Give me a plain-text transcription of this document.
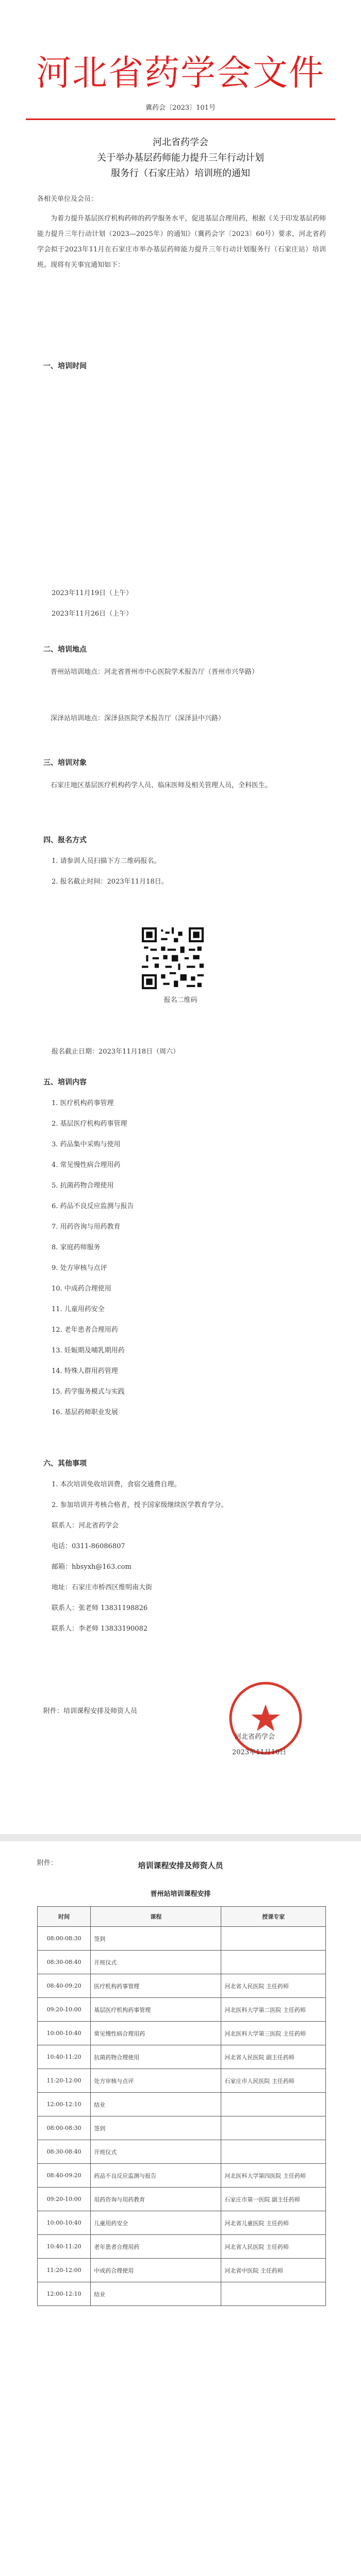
河北省药学会文件
冀药会〔2023〕101号
河北省药学会
关于举办基层药师能力提升三年行动计划
服务行（石家庄站）培训班的通知
各相关单位及会员：
为着力提升基层医疗机构药师的药学服务水平，促进基层合理用药，根据《关于印发基层药师能力提升三年行动计划（2023—2025年）的通知》（冀药会字〔2023〕60号）要求，河北省药学会拟于2023年11月在石家庄市举办基层药师能力提升三年行动计划服务行（石家庄站）培训班。现将有关事宜通知如下：
一、培训时间
2023年11月19日（上午）
2023年11月26日（上午）
二、培训地点
晋州站培训地点：河北省晋州市中心医院学术报告厅（晋州市兴华路）
深泽站培训地点：深泽县医院学术报告厅（深泽县中兴路）
三、培训对象
石家庄地区基层医疗机构药学人员、临床医师及相关管理人员，全科医生。
四、报名方式
1. 请参训人员扫描下方二维码报名。
2. 报名截止时间：2023年11月18日。
报名二维码
报名截止日期：2023年11月18日（周六）
五、培训内容
1. 医疗机构药事管理
2. 基层医疗机构药事管理
3. 药品集中采购与使用
4. 常见慢性病合理用药
5. 抗菌药物合理使用
6. 药品不良反应监测与报告
7. 用药咨询与用药教育
8. 家庭药师服务
9. 处方审核与点评
10. 中成药合理使用
11. 儿童用药安全
12. 老年患者合理用药
13. 妊娠期及哺乳期用药
14. 特殊人群用药管理
15. 药学服务模式与实践
16. 基层药师职业发展
六、其他事项
1. 本次培训免收培训费，食宿交通费自理。
2. 参加培训并考核合格者，授予国家级继续医学教育学分。
联系人：河北省药学会
电话：0311-86086807
邮箱：hbsyxh@163.com
地址：石家庄市桥西区维明南大街
联系人：张老师 13831198826
联系人：李老师 13833190082
附件：培训课程安排及师资人员
河北省药学会
2023年11月10日
附件：	培训课程安排及师资人员
晋州站培训课程安排
时间	课程	授课专家
08:00-08:30	签到	
08:30-08:40	开班仪式	
08:40-09:20	医疗机构药事管理	河北省人民医院 主任药师
09:20-10:00	基层医疗机构药事管理	河北医科大学第二医院 主任药师
10:00-10:40	常见慢性病合理用药	河北医科大学第三医院 主任药师
10:40-11:20	抗菌药物合理使用	河北省人民医院 副主任药师
11:20-12:00	处方审核与点评	石家庄市人民医院 主任药师
12:00-12:10	结业	
08:00-08:30	签到	
08:30-08:40	开班仪式	
08:40-09:20	药品不良反应监测与报告	河北医科大学第四医院 主任药师
09:20-10:00	用药咨询与用药教育	石家庄市第一医院 副主任药师
10:00-10:40	儿童用药安全	河北省儿童医院 主任药师
10:40-11:20	老年患者合理用药	河北省人民医院 主任药师
11:20-12:00	中成药合理使用	河北省中医院 主任药师
12:00-12:10	结业	
